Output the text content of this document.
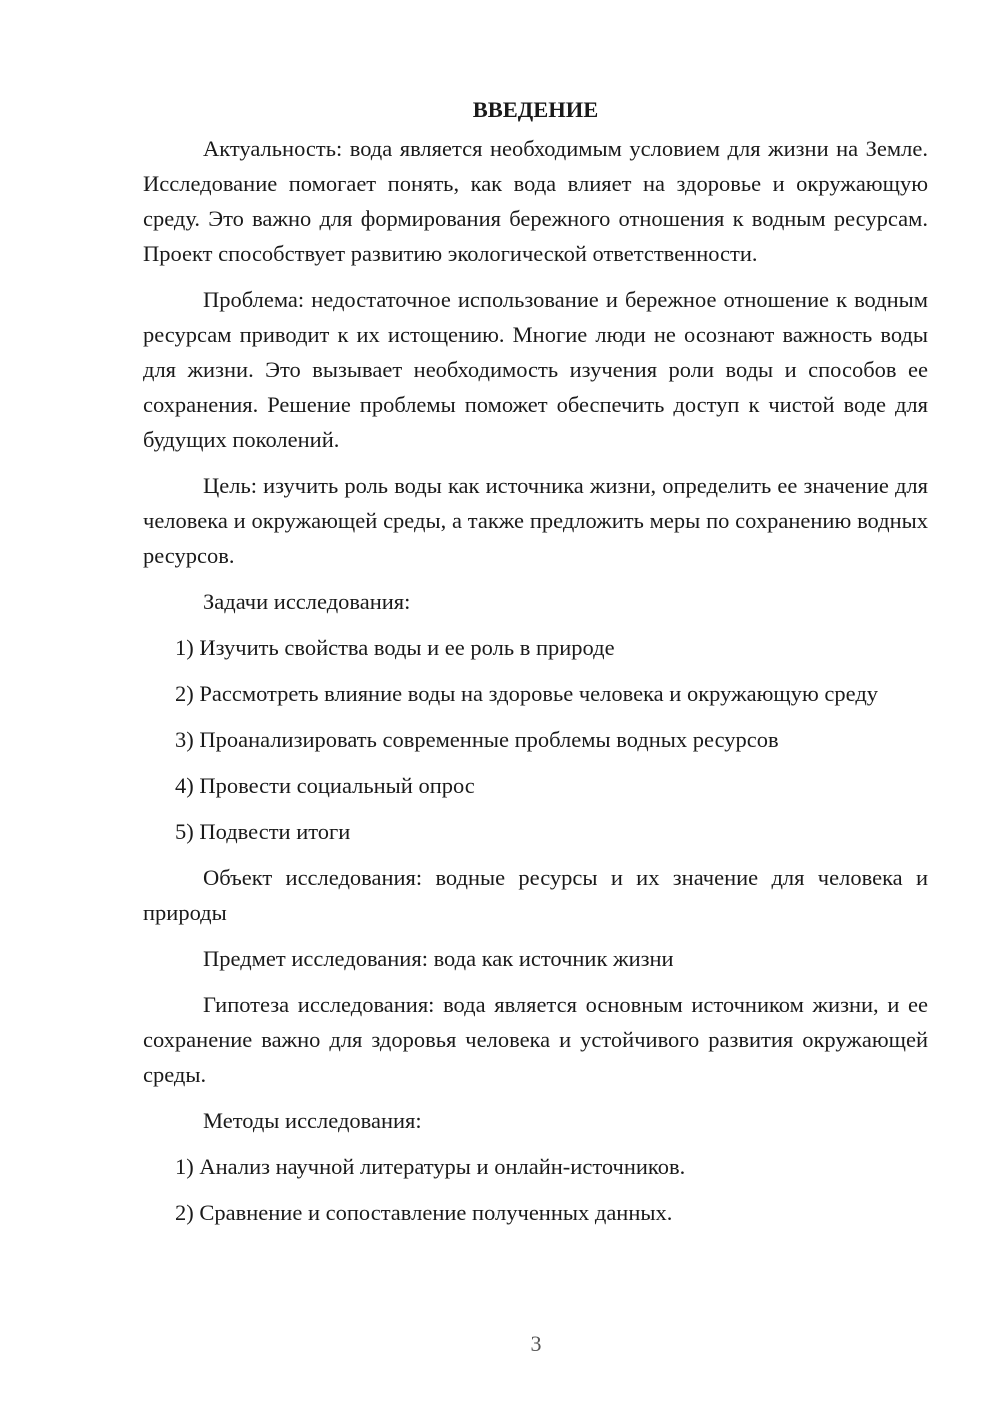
ВВЕДЕНИЕ

Актуальность: вода является необходимым условием для жизни на Земле. Исследование помогает понять, как вода влияет на здоровье и окружающую среду. Это важно для формирования бережного отношения к водным ресурсам. Проект способствует развитию экологической ответственности.

Проблема: недостаточное использование и бережное отношение к водным ресурсам приводит к их истощению. Многие люди не осознают важность воды для жизни. Это вызывает необходимость изучения роли воды и способов ее сохранения. Решение проблемы поможет обеспечить доступ к чистой воде для будущих поколений.

Цель: изучить роль воды как источника жизни, определить ее значение для человека и окружающей среды, а также предложить меры по сохранению водных ресурсов.

Задачи исследования:

1) Изучить свойства воды и ее роль в природе

2) Рассмотреть влияние воды на здоровье человека и окружающую среду

3) Проанализировать современные проблемы водных ресурсов

4) Провести социальный опрос

5) Подвести итоги

Объект исследования: водные ресурсы и их значение для человека и природы

Предмет исследования: вода как источник жизни

Гипотеза исследования: вода является основным источником жизни, и ее сохранение важно для здоровья человека и устойчивого развития окружающей среды.

Методы исследования:

1) Анализ научной литературы и онлайн-источников.

2) Сравнение и сопоставление полученных данных.

3
